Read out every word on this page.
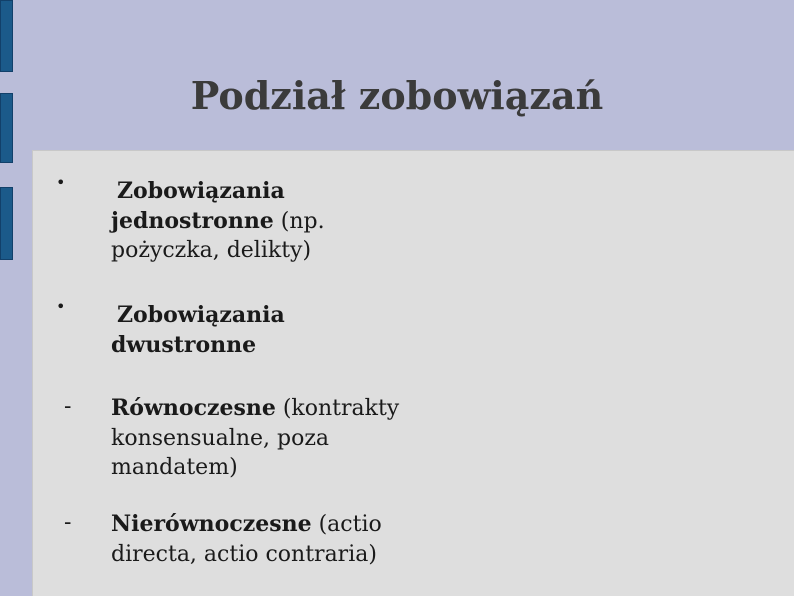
Podział zobowiązań
• Zobowiązania jednostronne (np. pożyczka, delikty)
• Zobowiązania dwustronne
- Równoczesne (kontrakty konsensualne, poza mandatem)
- Nierównoczesne (actio directa, actio contraria)
